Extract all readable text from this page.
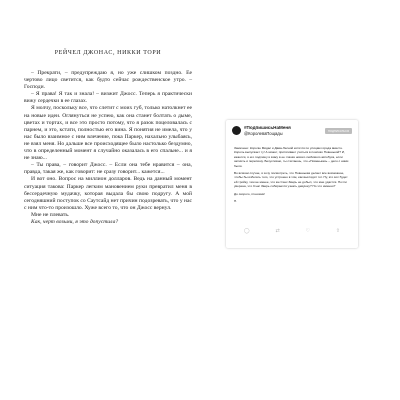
РЕЙЧЕЛ ДЖОНАС, НИККИ ТОРИ

– Прекрати, – предупреждаю я, но уже слишком поздно. Ее чертово лицо светится, как будто сейчас рождественское утро. – Господи.

– Я права! Я так и знала! – визжит Джосс. Теперь я практически вижу сердечки в ее глазах.

Я молчу, поскольку все, что слетит с моих губ, только натолкнет ее на новые идеи. Оглянуться не успею, как она станет болтать о дыме, цветах и тортах, и все это просто потому, что я разок поцеловалась с парнем, и это, кстати, полностью его вина. Я понятия не имела, что у нас было взаимное с ним влечение, пока Паркер, нахально улыбаясь, не взял меня. Но дальше все происходящее было настолько бездумно, что в определенный момент я случайно оказалась в его спальне... и я не знаю...

– Ты права, – говорит Джосс. – Если она тебе нравится – она, правда, такая же, как говорит: не сразу говорит... кажется...

И вот оно. Вопрос на миллион долларов. Ведь на данный момент ситуация такова: Паркер легким мановением руки превратил меня в бессердечную мудачку, которая выдала бы свою подругу. А мой сегодняшний поступок со Саутсайд нет причин подозревать, что у нас с ним что-то произошло. Хуже всего то, что он Джосс вернул.

Мне не плевать.

Как, черт возьми, я это допустила?

#ПодпишисьНаМеня
@КоролеваПощады	ПОДПИСАТЬСЯ

Замечено: Королю Мидас и Дава-Лесной котится по улицам города вместе. Король выпускает ту! А может, притягивает учиться в поисках Новенькой? И, кажется, я его подпишу и вижу в ее глазах нового любимого автобуса, если затмить и перепишу. Безусловно, ты считаешь, что «Новенькая» – дело с ними были.

Во всяком случае, я хочу посмотреть, что Новенькая делает все возможное, чтобы бы избегать того, что устроено в том, как выглядит тот. Ну, кто вот будет ей тройку, тем не менее, что же Сэнс Зверь не добыл, что мне удастся. Почти уверена, что Сэнс Зверь собирается узнать девушку? Но что именно?

До скорого, птенчики!

П.

◯	⇄	♡	⇧
